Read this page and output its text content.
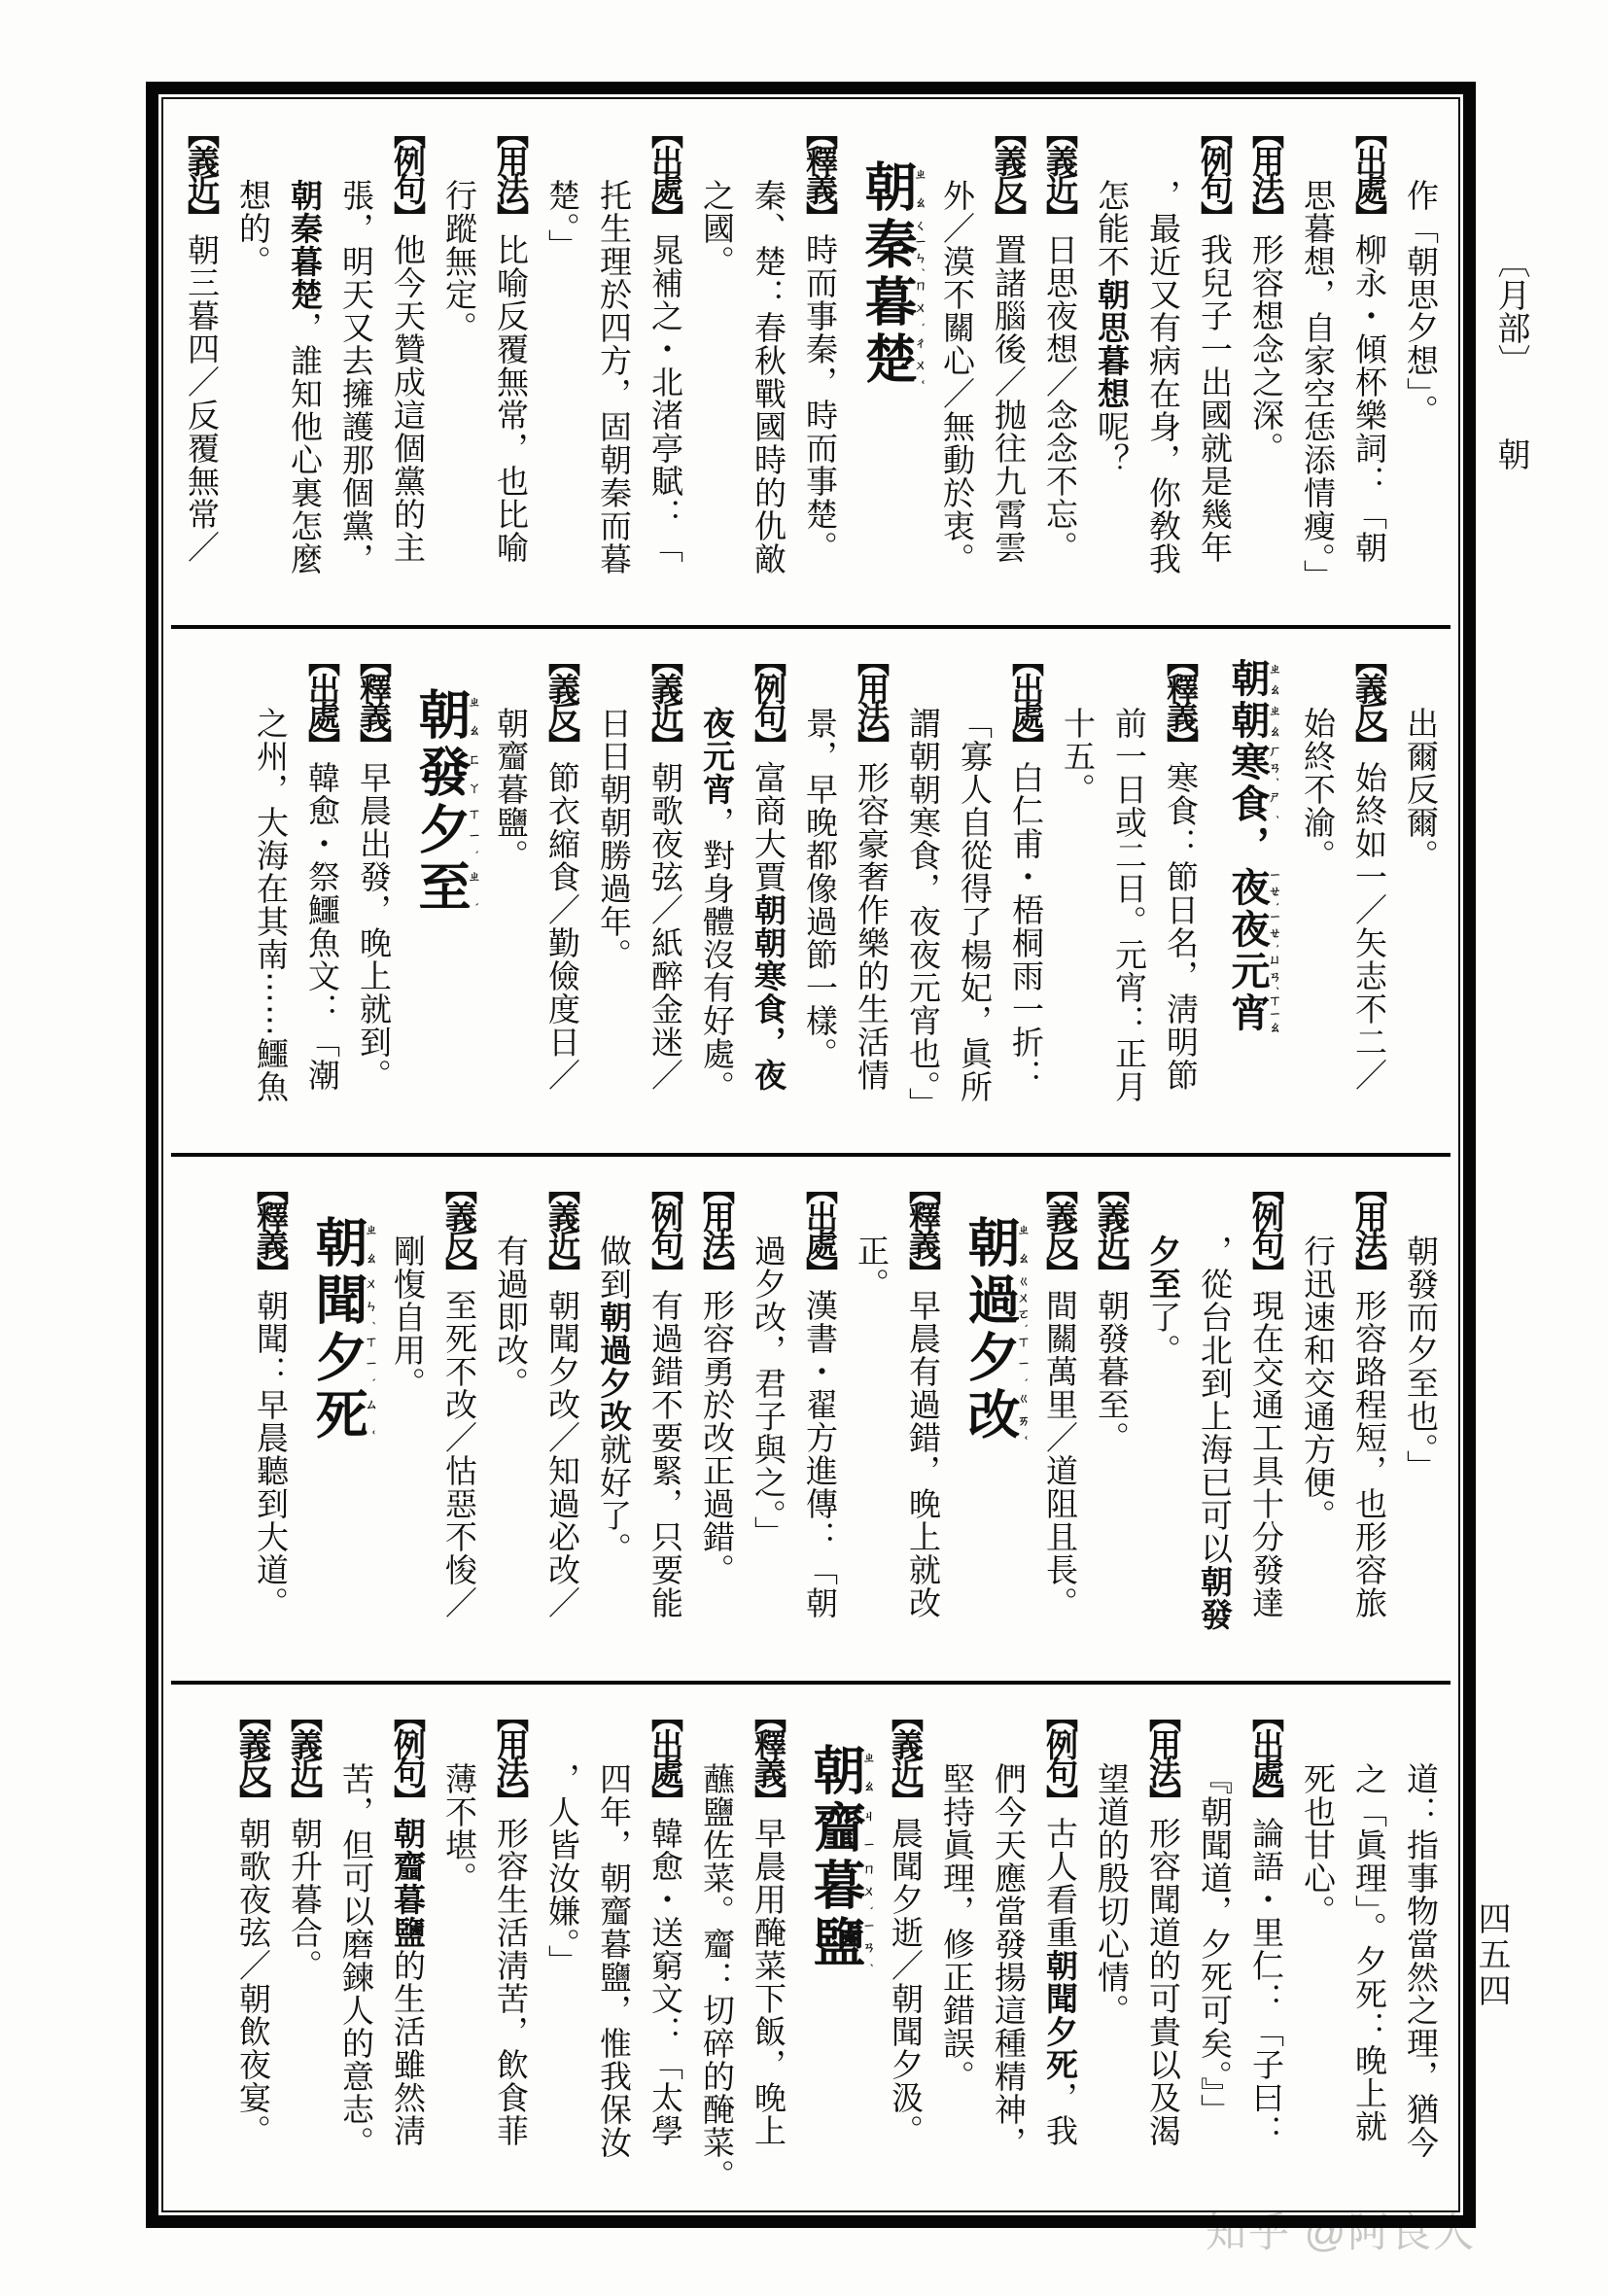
〔月部〕朝
四五四
作「朝思夕想」。
【出處】柳永・傾杯樂詞：「朝
思暮想，自家空恁添情瘦。」
【用法】形容想念之深。
【例句】我兒子一出國就是幾年
，最近又有病在身，你敎我
怎能不朝思暮想呢？
【義近】日思夜想／念念不忘。
【義反】置諸腦後／抛往九霄雲
外／漠不關心／無動於衷。
朝ㄓㄠ秦ㄑㄧㄣˊ暮ㄇㄨˋ楚ㄔㄨˇ
【釋義】時而事秦，時而事楚。
秦、楚：春秋戰國時的仇敵
之國。
【出處】晁補之・北渚亭賦：「
托生理於四方，固朝秦而暮
楚。」
【用法】比喻反覆無常，也比喻
行蹤無定。
【例句】他今天贊成這個黨的主
張，明天又去擁護那個黨，
朝秦暮楚，誰知他心裏怎麼
想的。
【義近】朝三暮四／反覆無常／
出爾反爾。
【義反】始終如一／矢志不二／
始終不渝。
朝ㄓㄠ朝ㄓㄠ寒ㄏㄢˊ食ㄕˊ，夜ㄧㄝˋ夜ㄧㄝˋ元ㄩㄢˊ宵ㄒㄧㄠ
【釋義】寒食：節日名，淸明節
前一日或二日。元宵：正月
十五。
【出處】白仁甫・梧桐雨一折：
「寡人自從得了楊妃，眞所
謂朝朝寒食，夜夜元宵也。」
【用法】形容豪奢作樂的生活情
景，早晚都像過節一樣。
【例句】富商大賈朝朝寒食，夜
夜元宵，對身體沒有好處。
【義近】朝歌夜弦／紙醉金迷／
日日朝朝勝過年。
【義反】節衣縮食／勤儉度日／
朝齏暮鹽。
朝ㄓㄠ發ㄈㄚ夕ㄒㄧˋ至ㄓˋ
【釋義】早晨出發，晚上就到。
【出處】韓愈・祭鱷魚文：「潮
之州，大海在其南⋯⋯鱷魚
朝發而夕至也。」
【用法】形容路程短，也形容旅
行迅速和交通方便。
【例句】現在交通工具十分發達
，從台北到上海已可以朝發
夕至了。
【義近】朝發暮至。
【義反】間關萬里／道阻且長。
朝ㄓㄠ過ㄍㄨㄛˋ夕ㄒㄧˋ改ㄍㄞˇ
【釋義】早晨有過錯，晚上就改
正。
【出處】漢書・翟方進傳：「朝
過夕改，君子與之。」
【用法】形容勇於改正過錯。
【例句】有過錯不要緊，只要能
做到朝過夕改就好了。
【義近】朝聞夕改／知過必改／
有過即改。
【義反】至死不改／怙惡不悛／
剛愎自用。
朝ㄓㄠ聞ㄨㄣˊ夕ㄒㄧˋ死ㄙˇ
【釋義】朝聞：早晨聽到大道。
道：指事物當然之理，猶今
之「眞理」。夕死：晚上就
死也甘心。
【出處】論語・里仁：「子曰：
『朝聞道，夕死可矣。』」
【用法】形容聞道的可貴以及渴
望道的殷切心情。
【例句】古人看重朝聞夕死，我
們今天應當發揚這種精神，
堅持眞理，修正錯誤。
【義近】晨聞夕逝／朝聞夕汲。
朝ㄓㄠ齏ㄐㄧ暮ㄇㄨˋ鹽ㄧㄢˊ
【釋義】早晨用醃菜下飯，晚上
蘸鹽佐菜。齏：切碎的醃菜。
【出處】韓愈・送窮文：「太學
四年，朝齏暮鹽，惟我保汝
，人皆汝嫌。」
【用法】形容生活淸苦，飲食菲
薄不堪。
【例句】朝齏暮鹽的生活雖然淸
苦，但可以磨鍊人的意志。
【義近】朝升暮合。
【義反】朝歌夜弦／朝飲夜宴。
知乎 @阿良人
